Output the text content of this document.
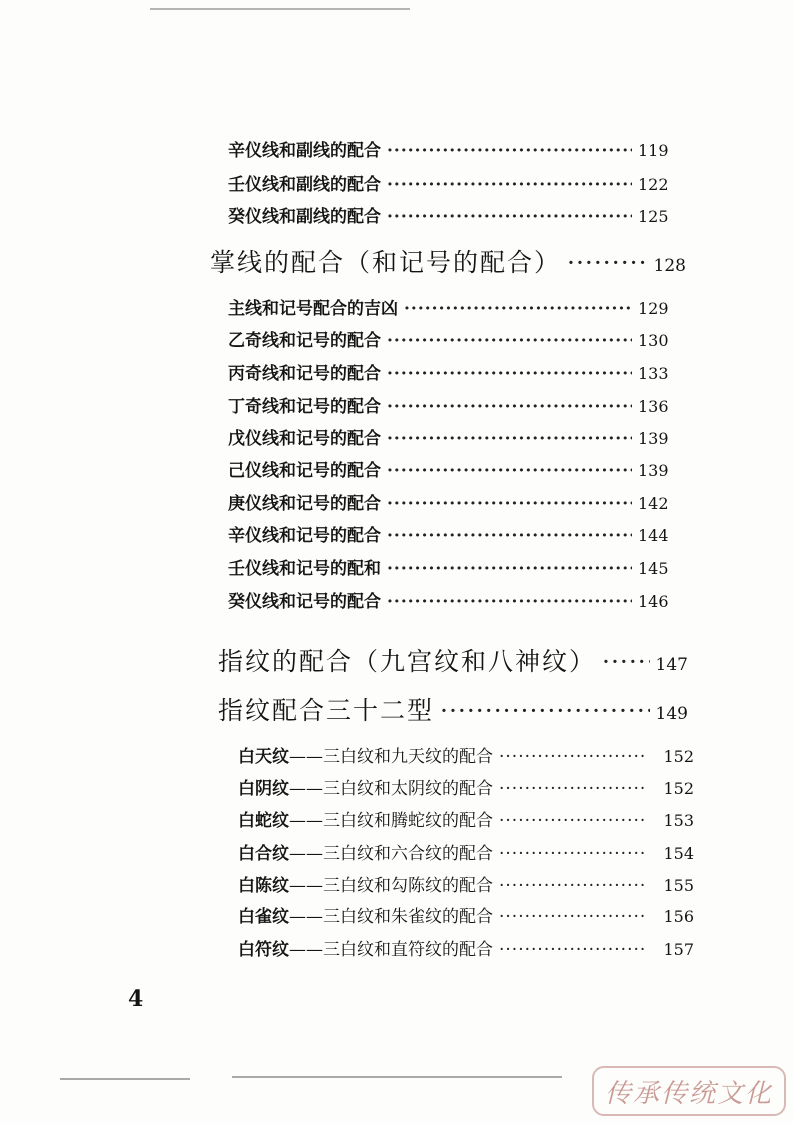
辛仪线和副线的配合 ·····	119
壬仪线和副线的配合 ·····	122
癸仪线和副线的配合 ·····	125
掌线的配合（和记号的配合） ·····	128
主线和记号配合的吉凶 ·····	129
乙奇线和记号的配合 ·····	130
丙奇线和记号的配合 ·····	133
丁奇线和记号的配合 ·····	136
戊仪线和记号的配合 ·····	139
己仪线和记号的配合 ·····	139
庚仪线和记号的配合 ·····	142
辛仪线和记号的配合 ·····	144
壬仪线和记号的配和 ·····	145
癸仪线和记号的配合 ·····	146
指纹的配合（九宫纹和八神纹） ·····	147
指纹配合三十二型 ·····	149
白天纹 ——三白纹和九天纹的配合 ·····	152
白阴纹 ——三白纹和太阴纹的配合 ·····	152
白蛇纹 ——三白纹和腾蛇纹的配合 ·····	153
白合纹 ——三白纹和六合纹的配合 ·····	154
白陈纹 ——三白纹和勾陈纹的配合 ·····	155
白雀纹 ——三白纹和朱雀纹的配合 ·····	156
白符纹 ——三白纹和直符纹的配合 ·····	157
4
传承传统文化
